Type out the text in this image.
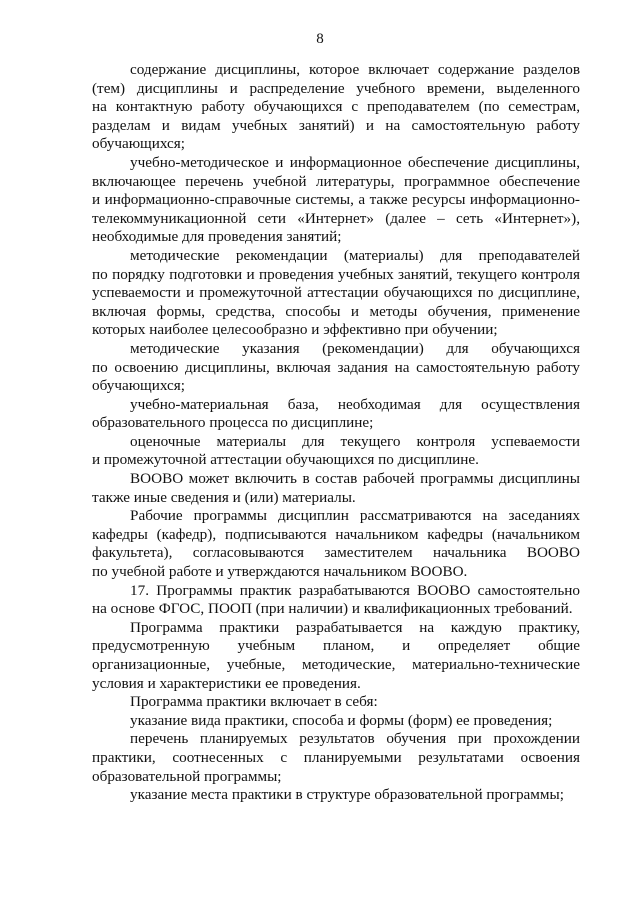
8
содержание дисциплины, которое включает содержание разделов
(тем) дисциплины и распределение учебного времени, выделенного
на контактную работу обучающихся с преподавателем (по семестрам,
разделам и видам учебных занятий) и на самостоятельную работу
обучающихся;
учебно-методическое и информационное обеспечение дисциплины,
включающее перечень учебной литературы, программное обеспечение
и информационно-справочные системы, а также ресурсы информационно-
телекоммуникационной сети «Интернет» (далее – сеть «Интернет»),
необходимые для проведения занятий;
методические рекомендации (материалы) для преподавателей
по порядку подготовки и проведения учебных занятий, текущего контроля
успеваемости и промежуточной аттестации обучающихся по дисциплине,
включая формы, средства, способы и методы обучения, применение
которых наиболее целесообразно и эффективно при обучении;
методические указания (рекомендации) для обучающихся
по освоению дисциплины, включая задания на самостоятельную работу
обучающихся;
учебно-материальная база, необходимая для осуществления
образовательного процесса по дисциплине;
оценочные материалы для текущего контроля успеваемости
и промежуточной аттестации обучающихся по дисциплине.
ВООВО может включить в состав рабочей программы дисциплины
также иные сведения и (или) материалы.
Рабочие программы дисциплин рассматриваются на заседаниях
кафедры (кафедр), подписываются начальником кафедры (начальником
факультета), согласовываются заместителем начальника ВООВО
по учебной работе и утверждаются начальником ВООВО.
17. Программы практик разрабатываются ВООВО самостоятельно
на основе ФГОС, ПООП (при наличии) и квалификационных требований.
Программа практики разрабатывается на каждую практику,
предусмотренную учебным планом, и определяет общие
организационные, учебные, методические, материально-технические
условия и характеристики ее проведения.
Программа практики включает в себя:
указание вида практики, способа и формы (форм) ее проведения;
перечень планируемых результатов обучения при прохождении
практики, соотнесенных с планируемыми результатами освоения
образовательной программы;
указание места практики в структуре образовательной программы;
